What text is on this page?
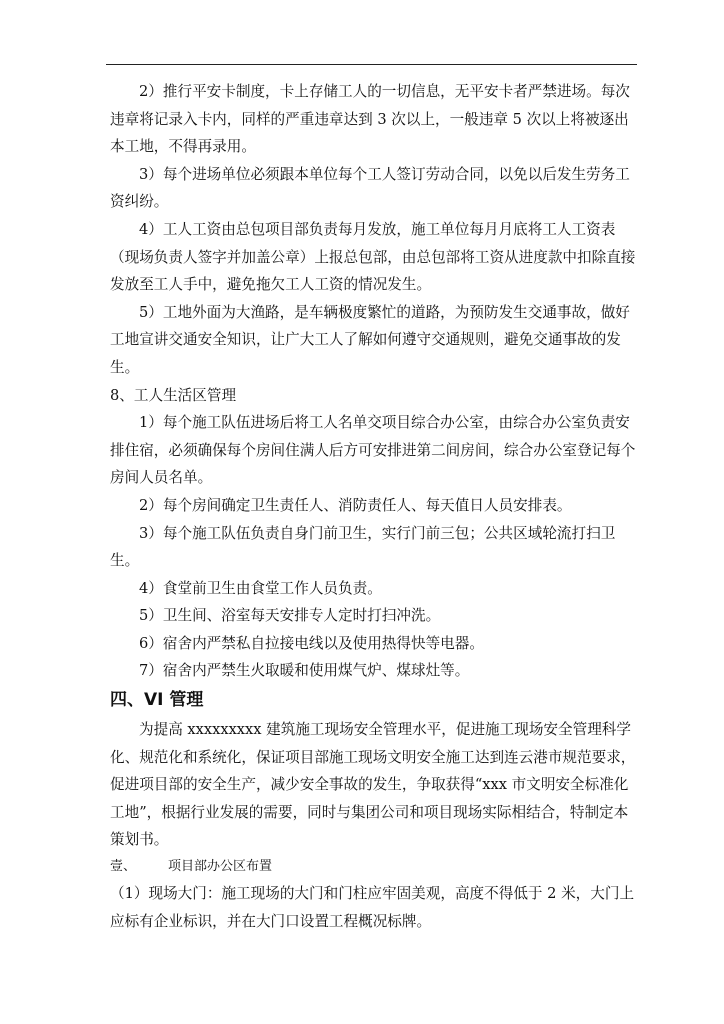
2）推行平安卡制度，卡上存储工人的一切信息，无平安卡者严禁进场。每次违章将记录入卡内，同样的严重违章达到 3 次以上，一般违章 5 次以上将被逐出本工地，不得再录用。

3）每个进场单位必须跟本单位每个工人签订劳动合同，以免以后发生劳务工资纠纷。

4）工人工资由总包项目部负责每月发放，施工单位每月月底将工人工资表（现场负责人签字并加盖公章）上报总包部，由总包部将工资从进度款中扣除直接发放至工人手中，避免拖欠工人工资的情况发生。

5）工地外面为大渔路，是车辆极度繁忙的道路，为预防发生交通事故，做好工地宣讲交通安全知识，让广大工人了解如何遵守交通规则，避免交通事故的发生。

8、工人生活区管理

1）每个施工队伍进场后将工人名单交项目综合办公室，由综合办公室负责安排住宿，必须确保每个房间住满人后方可安排进第二间房间，综合办公室登记每个房间人员名单。

2）每个房间确定卫生责任人、消防责任人、每天值日人员安排表。

3）每个施工队伍负责自身门前卫生，实行门前三包；公共区域轮流打扫卫生。

4）食堂前卫生由食堂工作人员负责。

5）卫生间、浴室每天安排专人定时打扫冲洗。

6）宿舍内严禁私自拉接电线以及使用热得快等电器。

7）宿舍内严禁生火取暖和使用煤气炉、煤球灶等。

四、VI 管理

为提高 xxxxxxxxx 建筑施工现场安全管理水平，促进施工现场安全管理科学化、规范化和系统化，保证项目部施工现场文明安全施工达到连云港市规范要求，促进项目部的安全生产，减少安全事故的发生，争取获得“xxx 市文明安全标准化工地”，根据行业发展的需要，同时与集团公司和项目现场实际相结合，特制定本策划书。

壹、 项目部办公区布置

（1）现场大门：施工现场的大门和门柱应牢固美观，高度不得低于 2 米，大门上应标有企业标识，并在大门口设置工程概况标牌。
